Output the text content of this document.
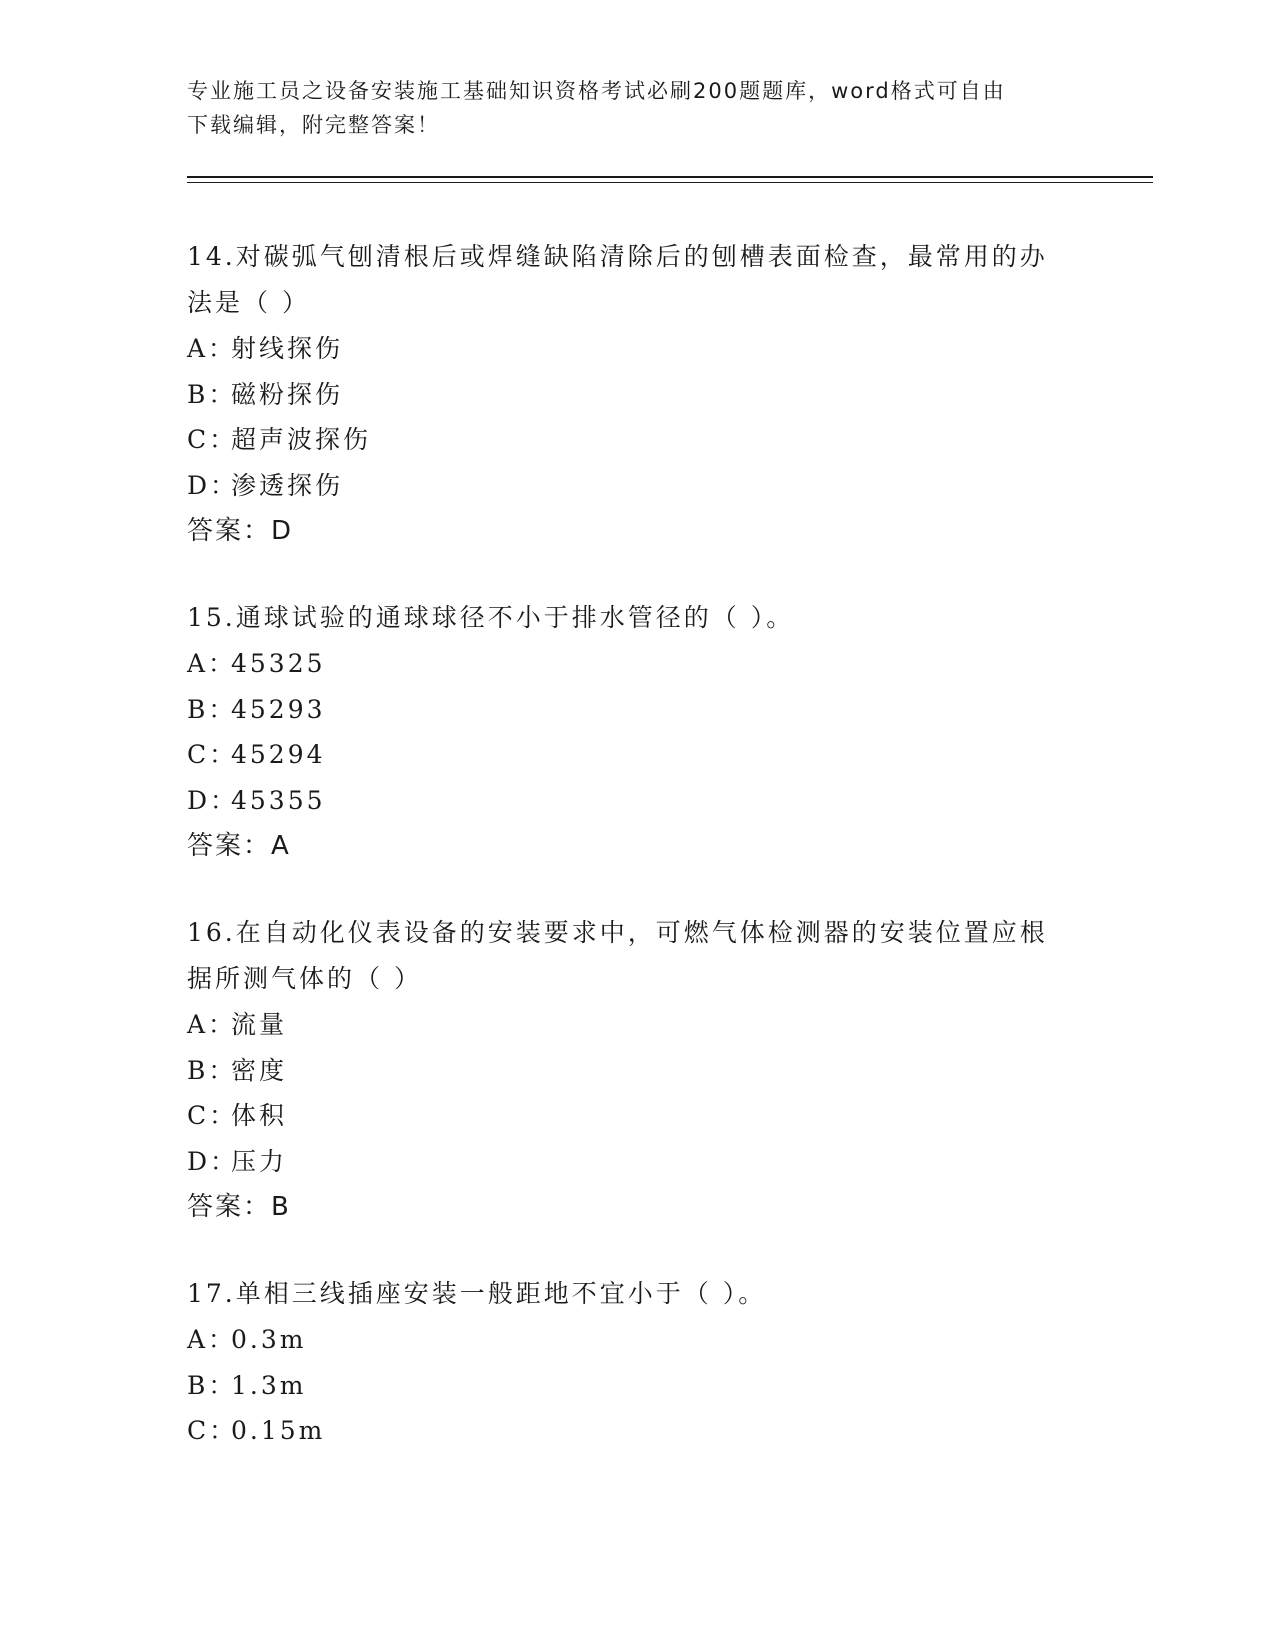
专业施工员之设备安装施工基础知识资格考试必刷200题题库，word格式可自由
下载编辑，附完整答案！
14.对碳弧气刨清根后或焊缝缺陷清除后的刨槽表面检查，最常用的办法是（ ）
A：射线探伤
B：磁粉探伤
C：超声波探伤
D：渗透探伤
答案：D
15.通球试验的通球球径不小于排水管径的（ ）。
A：45325
B：45293
C：45294
D：45355
答案：A
16.在自动化仪表设备的安装要求中，可燃气体检测器的安装位置应根据所测气体的（ ）
A：流量
B：密度
C：体积
D：压力
答案：B
17.单相三线插座安装一般距地不宜小于（ ）。
A：0.3m
B：1.3m
C：0.15m
